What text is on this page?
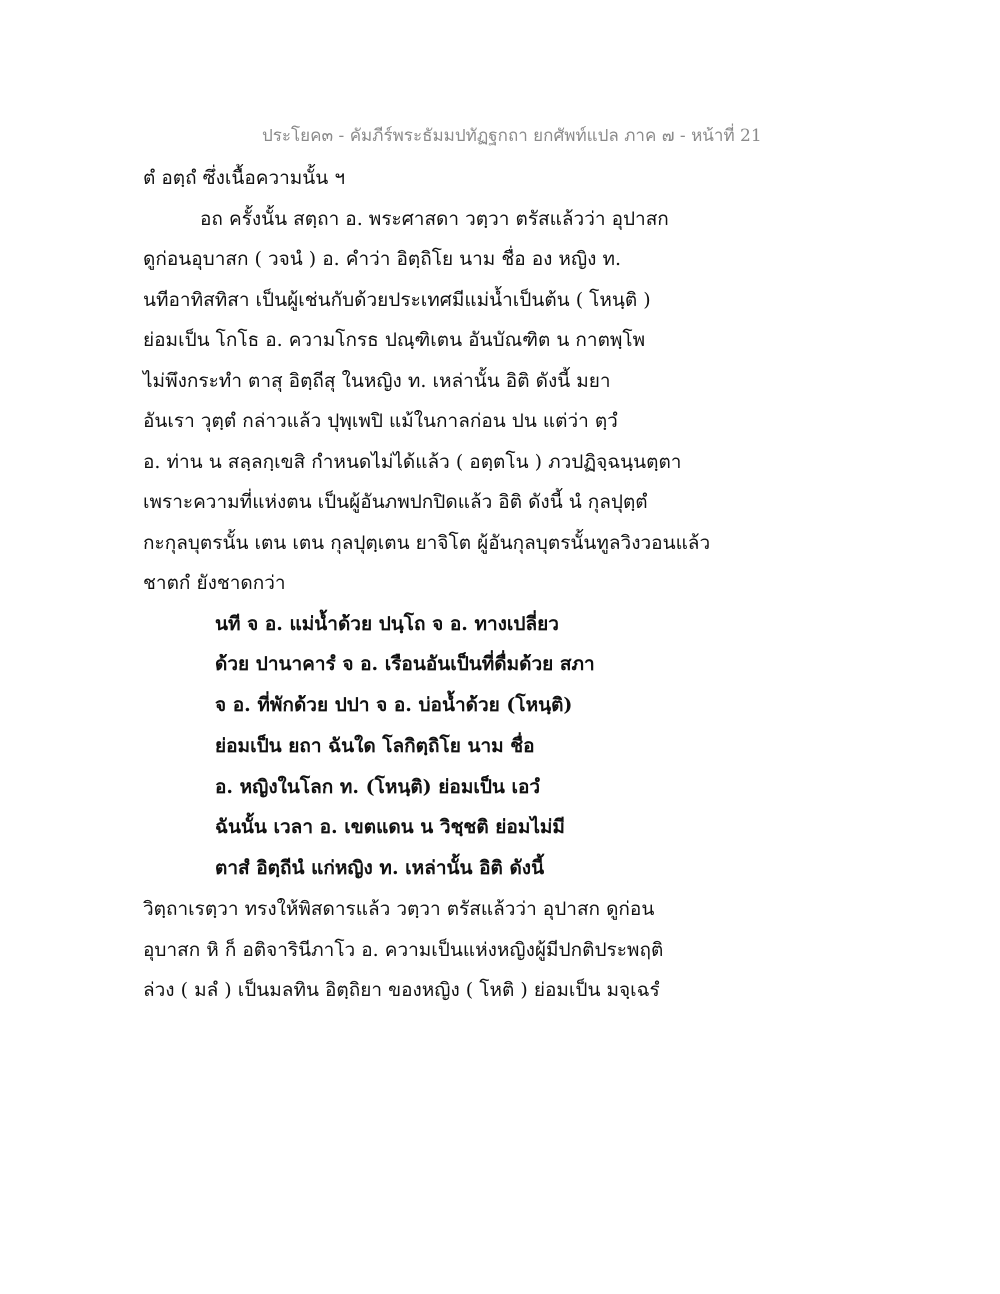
ประโยค๓ - คัมภีร์พระธัมมปทัฏฐกถา ยกศัพท์แปล ภาค ๗ - หน้าที่ 21
ตํ อตฺถํ ซึ่งเนื้อความนั้น ฯ
อถ ครั้งนั้น สตฺถา อ. พระศาสดา วตฺวา ตรัสแล้วว่า อุปาสก
ดูก่อนอุบาสก ( วจนํ ) อ. คำว่า อิตฺถิโย นาม ชื่อ อง หญิง ท.
นทีอาทิสทิสา เป็นผู้เช่นกับด้วยประเทศมีแม่น้ำเป็นต้น ( โหนฺติ )
ย่อมเป็น โกโธ อ. ความโกรธ ปณฺฑิเตน อันบัณฑิต น กาตพฺโพ
ไม่พึงกระทำ ตาสุ อิตฺถีสุ ในหญิง ท. เหล่านั้น อิติ ดังนี้ มยา
อันเรา วุตฺตํ กล่าวแล้ว ปุพฺเพปิ แม้ในกาลก่อน ปน แต่ว่า ตฺวํ
อ. ท่าน น สลฺลกฺเขสิ กำหนดไม่ได้แล้ว ( อตฺตโน ) ภวปฏิจฺฉนฺนตฺตา
เพราะความที่แห่งตน เป็นผู้อันภพปกปิดแล้ว อิติ ดังนี้ นํ กุลปุตฺตํ
กะกุลบุตรนั้น เตน เตน กุลปุตฺเตน ยาจิโต ผู้อันกุลบุตรนั้นทูลวิงวอนแล้ว
ชาตกํ ยังชาดกว่า
นที จ อ. แม่น้ำด้วย ปนฺโถ จ อ. ทางเปลี่ยว
ด้วย ปานาคารํ จ อ. เรือนอันเป็นที่ดื่มด้วย สภา
จ อ. ที่พักด้วย ปปา จ อ. บ่อน้ำด้วย (โหนฺติ)
ย่อมเป็น ยถา ฉันใด โลกิตฺถิโย นาม ชื่อ
อ. หญิงในโลก ท. (โหนฺติ) ย่อมเป็น เอวํ
ฉันนั้น เวลา อ. เขตแดน น วิชฺชติ ย่อมไม่มี
ตาสํ อิตฺถีนํ แก่หญิง ท. เหล่านั้น อิติ ดังนี้
วิตฺถาเรตฺวา ทรงให้พิสดารแล้ว วตฺวา ตรัสแล้วว่า อุปาสก ดูก่อน
อุบาสก หิ ก็ อติจารินีภาโว อ. ความเป็นแห่งหญิงผู้มีปกติประพฤติ
ล่วง ( มลํ ) เป็นมลทิน อิตฺถิยา ของหญิง ( โหติ ) ย่อมเป็น มจฺเฉรํ
